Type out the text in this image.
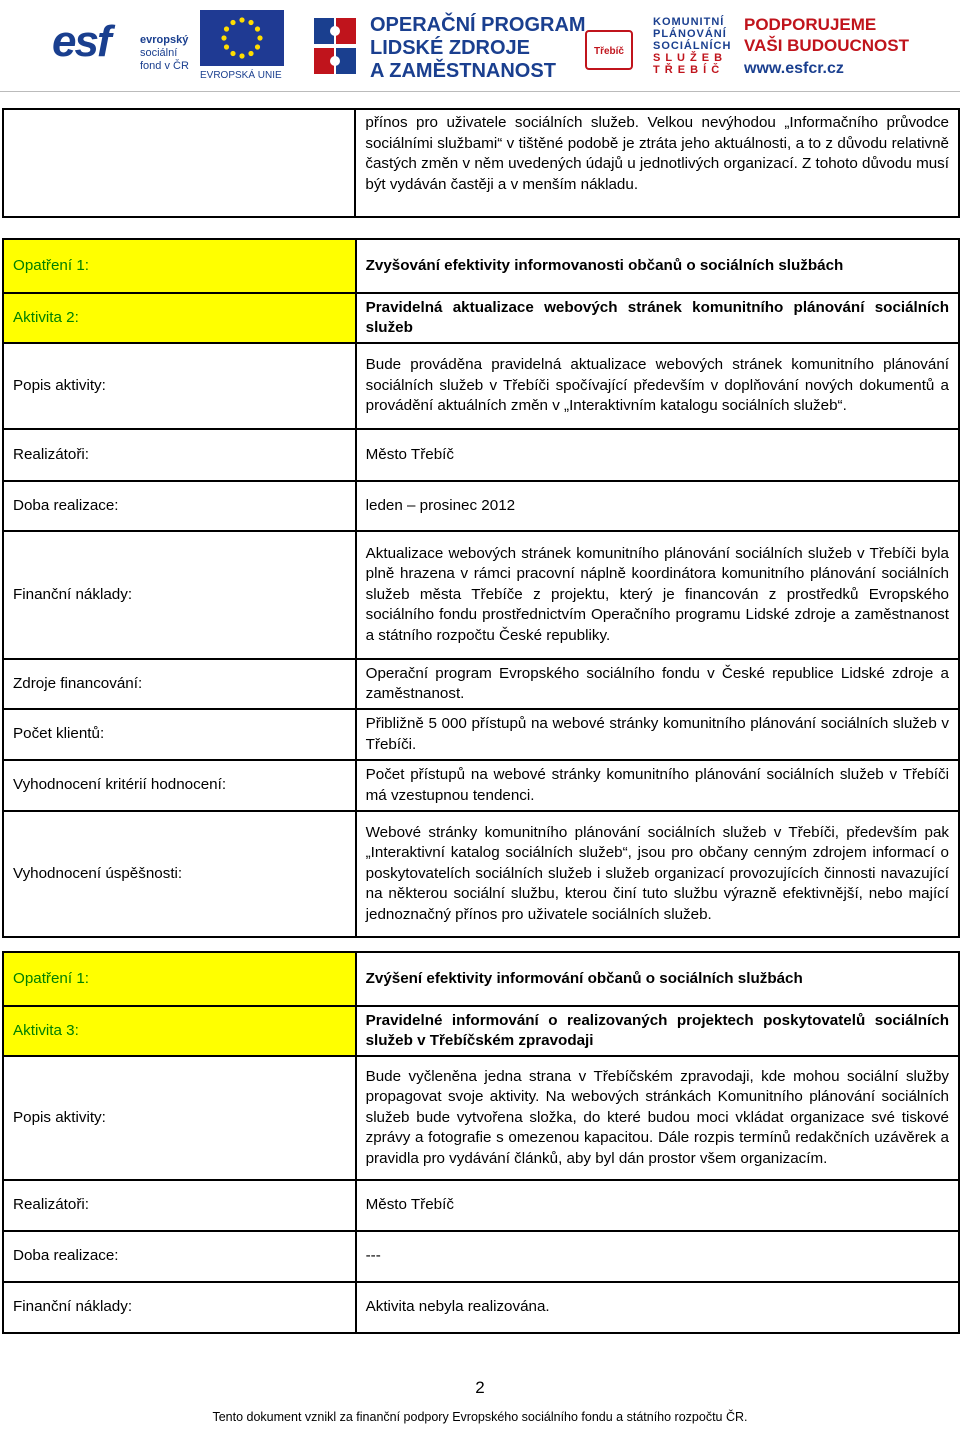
esf	evropský
sociální
fond v ČR
EVROPSKÁ UNIE
OPERAČNÍ PROGRAM
LIDSKÉ ZDROJE
A ZAMĚSTNANOST
Třebíč
KOMUNITNÍ
PLÁNOVÁNÍ
SOCIÁLNÍCH
S L U Ž E B
T Ř E B Í Č
PODPORUJEME
VAŠI BUDOUCNOST
www.esfcr.cz
	přínos pro uživatele sociálních služeb. Velkou nevýhodou „Informačního průvodce sociálními službami“ v tištěné podobě je ztráta jeho aktuálnosti, a to z důvodu relativně častých změn v něm uvedených údajů u jednotlivých organizací. Z tohoto důvodu musí být vydáván častěji a v menším nákladu.
Opatření 1:	Zvyšování efektivity informovanosti občanů o sociálních službách
Aktivita 2:	Pravidelná aktualizace webových stránek komunitního plánování sociálních služeb
Popis aktivity:	Bude prováděna pravidelná aktualizace webových stránek komunitního plánování sociálních služeb v Třebíči spočívající především v doplňování nových dokumentů a provádění aktuálních změn v „Interaktivním katalogu sociálních služeb“.
Realizátoři:	Město Třebíč
Doba realizace:	leden – prosinec 2012
Finanční náklady:	Aktualizace webových stránek komunitního plánování sociálních služeb v Třebíči byla plně hrazena v rámci pracovní náplně koordinátora komunitního plánování sociálních služeb města Třebíče z projektu, který je financován z prostředků Evropského sociálního fondu prostřednictvím Operačního programu Lidské zdroje a zaměstnanost a státního rozpočtu České republiky.
Zdroje financování:	Operační program Evropského sociálního fondu v České republice Lidské zdroje a zaměstnanost.
Počet klientů:	Přibližně 5 000 přístupů na webové stránky komunitního plánování sociálních služeb v Třebíči.
Vyhodnocení kritérií hodnocení:	Počet přístupů na webové stránky komunitního plánování sociálních služeb v Třebíči má vzestupnou tendenci.
Vyhodnocení úspěšnosti:	Webové stránky komunitního plánování sociálních služeb v Třebíči, především pak „Interaktivní katalog sociálních služeb“, jsou pro občany cenným zdrojem informací o poskytovatelích sociálních služeb i služeb organizací provozujících činnosti navazující na některou sociální službu, kterou činí tuto službu výrazně efektivnější, nebo mající jednoznačný přínos pro uživatele sociálních služeb.
Opatření 1:	Zvýšení efektivity informování občanů o sociálních službách
Aktivita 3:	Pravidelné informování o realizovaných projektech poskytovatelů sociálních služeb v Třebíčském zpravodaji
Popis aktivity:	Bude vyčleněna jedna strana v Třebíčském zpravodaji, kde mohou sociální služby propagovat svoje aktivity. Na webových stránkách Komunitního plánování sociálních služeb bude vytvořena složka, do které budou moci vkládat organizace své tiskové zprávy a fotografie s omezenou kapacitou. Dále rozpis termínů redakčních uzávěrek a pravidla pro vydávání článků, aby byl dán prostor všem organizacím.
Realizátoři:	Město Třebíč
Doba realizace:	---
Finanční náklady:	Aktivita nebyla realizována.
2
Tento dokument vznikl za finanční podpory Evropského sociálního fondu a státního rozpočtu ČR.
